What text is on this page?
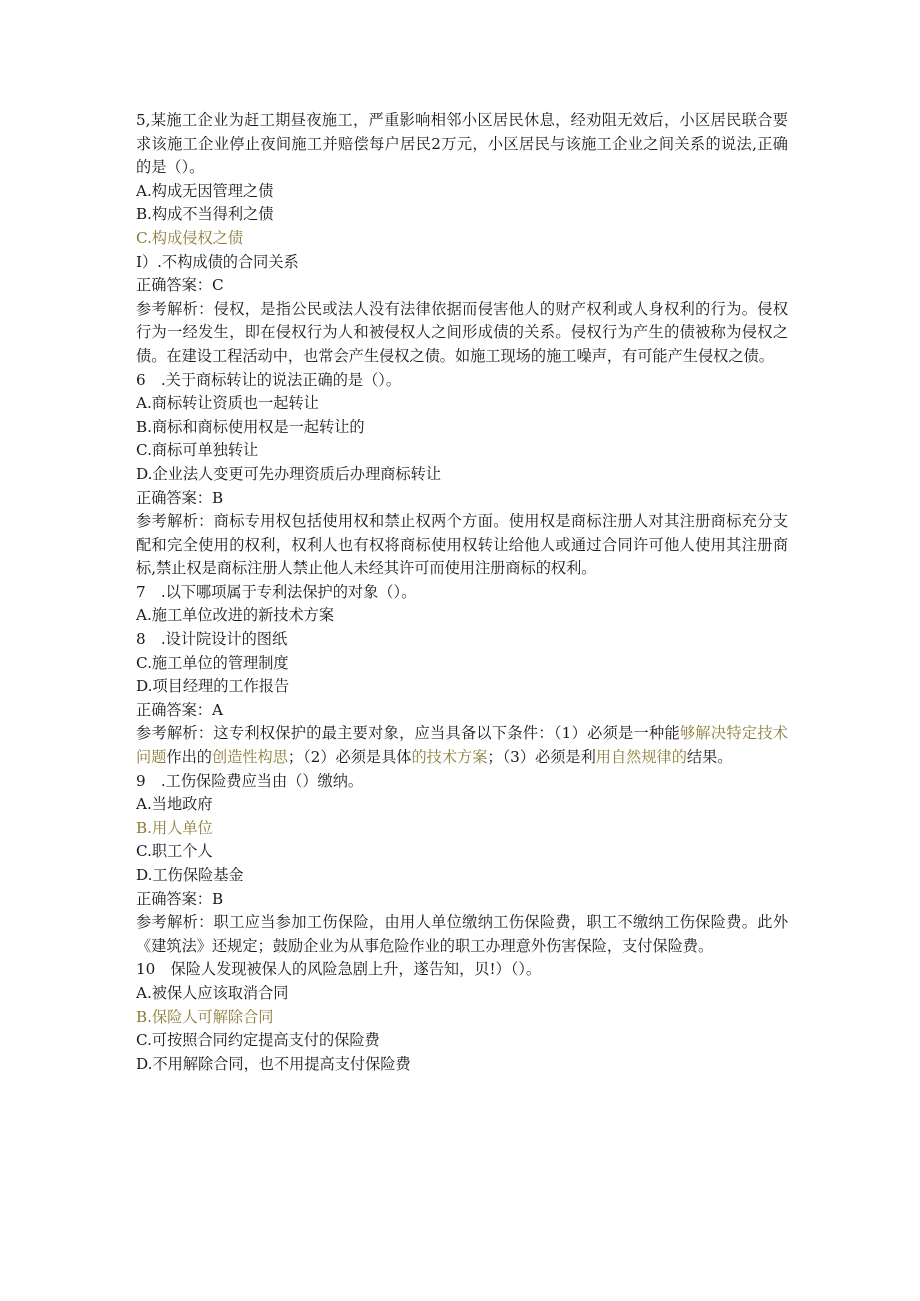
5,某施工企业为赶工期昼夜施工，严重影响相邻小区居民休息，经劝阻无效后，小区居民联合要求该施工企业停止夜间施工并赔偿每户居民2万元，小区居民与该施工企业之间关系的说法,正确的是（）。

A.构成无因管理之债

B.构成不当得利之债

C.构成侵权之债

I）.不构成债的合同关系

正确答案：C

参考解析：侵权，是指公民或法人没有法律依据而侵害他人的财产权利或人身权利的行为。侵权行为一经发生，即在侵权行为人和被侵权人之间形成债的关系。侵权行为产生的债被称为侵权之债。在建设工程活动中，也常会产生侵权之债。如施工现场的施工噪声，有可能产生侵权之债。

6　.关于商标转让的说法正确的是（）。

A.商标转让资质也一起转让

B.商标和商标使用权是一起转让的

C.商标可单独转让

D.企业法人变更可先办理资质后办理商标转让

正确答案：B

参考解析：商标专用权包括使用权和禁止权两个方面。使用权是商标注册人对其注册商标充分支配和完全使用的权利，权利人也有权将商标使用权转让给他人或通过合同许可他人使用其注册商标,禁止权是商标注册人禁止他人未经其许可而使用注册商标的权利。

7　.以下哪项属于专利法保护的对象（）。

A.施工单位改进的新技术方案

8　.设计院设计的图纸

C.施工单位的管理制度

D.项目经理的工作报告

正确答案：A

参考解析：这专利权保护的最主要对象，应当具备以下条件：（1）必须是一种能够解决特定技术问题作出的创造性构思；（2）必须是具体的技术方案；（3）必须是利用自然规律的结果。

9　.工伤保险费应当由（）缴纳。

A.当地政府

B.用人单位

C.职工个人

D.工伤保险基金

正确答案：B

参考解析：职工应当参加工伤保险，由用人单位缴纳工伤保险费，职工不缴纳工伤保险费。此外《建筑法》还规定；鼓励企业为从事危险作业的职工办理意外伤害保险，支付保险费。

10　保险人发现被保人的风险急剧上升，遂告知，贝!）（）。

A.被保人应该取消合同

B.保险人可解除合同

C.可按照合同约定提高支付的保险费

D.不用解除合同，也不用提高支付保险费
